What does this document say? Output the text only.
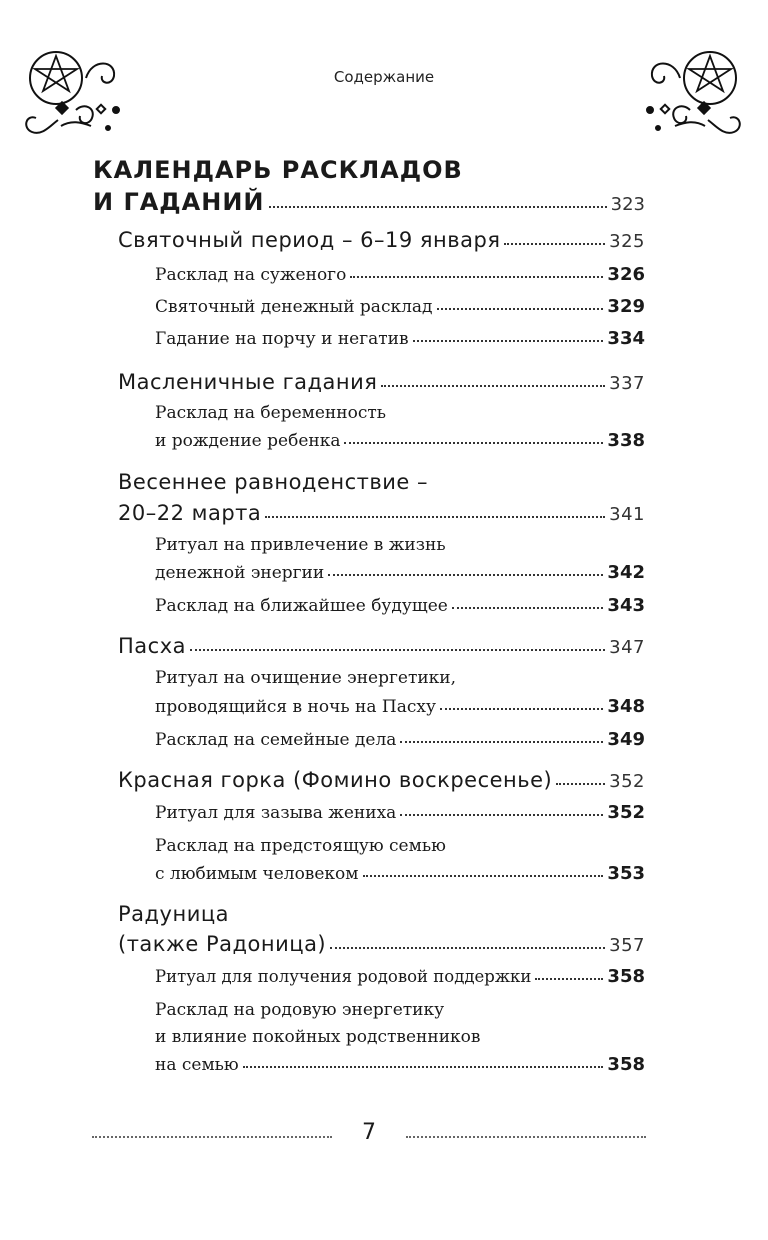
Содержание
КАЛЕНДАРЬ РАСКЛАДОВ
И ГАДАНИЙ	323
Святочный период – 6–19 января	325
Расклад на суженого	326
Святочный денежный расклад	329
Гадание на порчу и негатив	334
Масленичные гадания	337
Расклад на беременность
и рождение ребенка	338
Весеннее равноденствие –
20–22 марта	341
Ритуал на привлечение в жизнь
денежной энергии	342
Расклад на ближайшее будущее	343
Пасха	347
Ритуал на очищение энергетики,
проводящийся в ночь на Пасху	348
Расклад на семейные дела	349
Красная горка (Фомино воскресенье)	352
Ритуал для зазыва жениха	352
Расклад на предстоящую семью
с любимым человеком	353
Радуница
(также Радоница)	357
Ритуал для получения родовой поддержки	358
Расклад на родовую энергетику
и влияние покойных родственников
на семью	358
7
